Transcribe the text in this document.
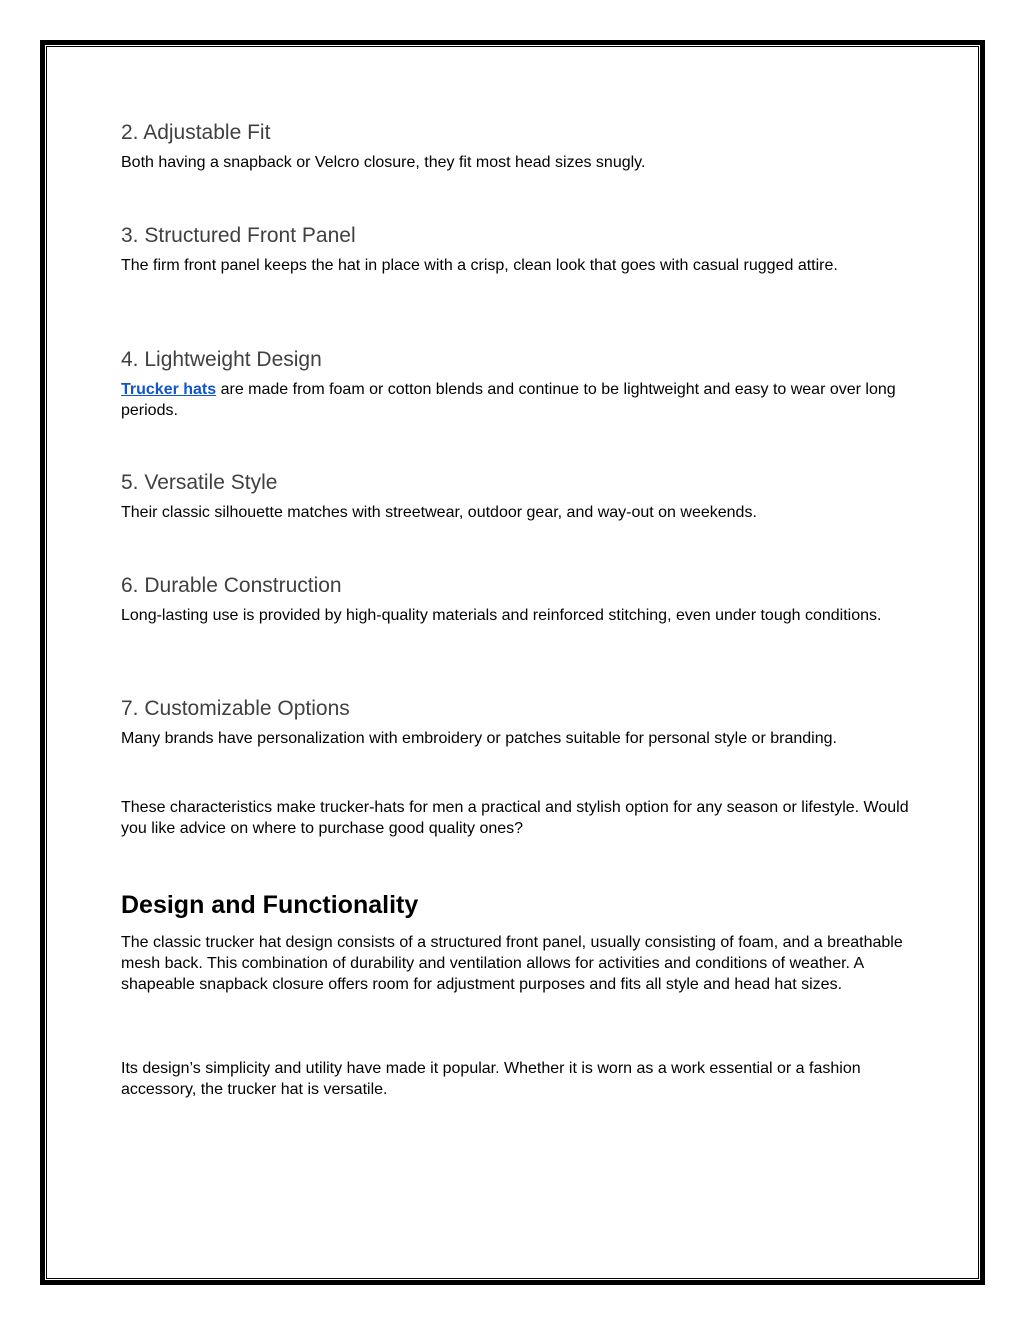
2. Adjustable Fit
Both having a snapback or Velcro closure, they fit most head sizes snugly.
3. Structured Front Panel
The firm front panel keeps the hat in place with a crisp, clean look that goes with casual rugged attire.
4. Lightweight Design
Trucker hats are made from foam or cotton blends and continue to be lightweight and easy to wear over long periods.
5. Versatile Style
Their classic silhouette matches with streetwear, outdoor gear, and way-out on weekends.
6. Durable Construction
Long-lasting use is provided by high-quality materials and reinforced stitching, even under tough conditions.
7. Customizable Options
Many brands have personalization with embroidery or patches suitable for personal style or branding.
These characteristics make trucker-hats for men a practical and stylish option for any season or lifestyle. Would you like advice on where to purchase good quality ones?
Design and Functionality
The classic trucker hat design consists of a structured front panel, usually consisting of foam, and a breathable mesh back. This combination of durability and ventilation allows for activities and conditions of weather. A shapeable snapback closure offers room for adjustment purposes and fits all style and head hat sizes.
Its design’s simplicity and utility have made it popular. Whether it is worn as a work essential or a fashion accessory, the trucker hat is versatile.
